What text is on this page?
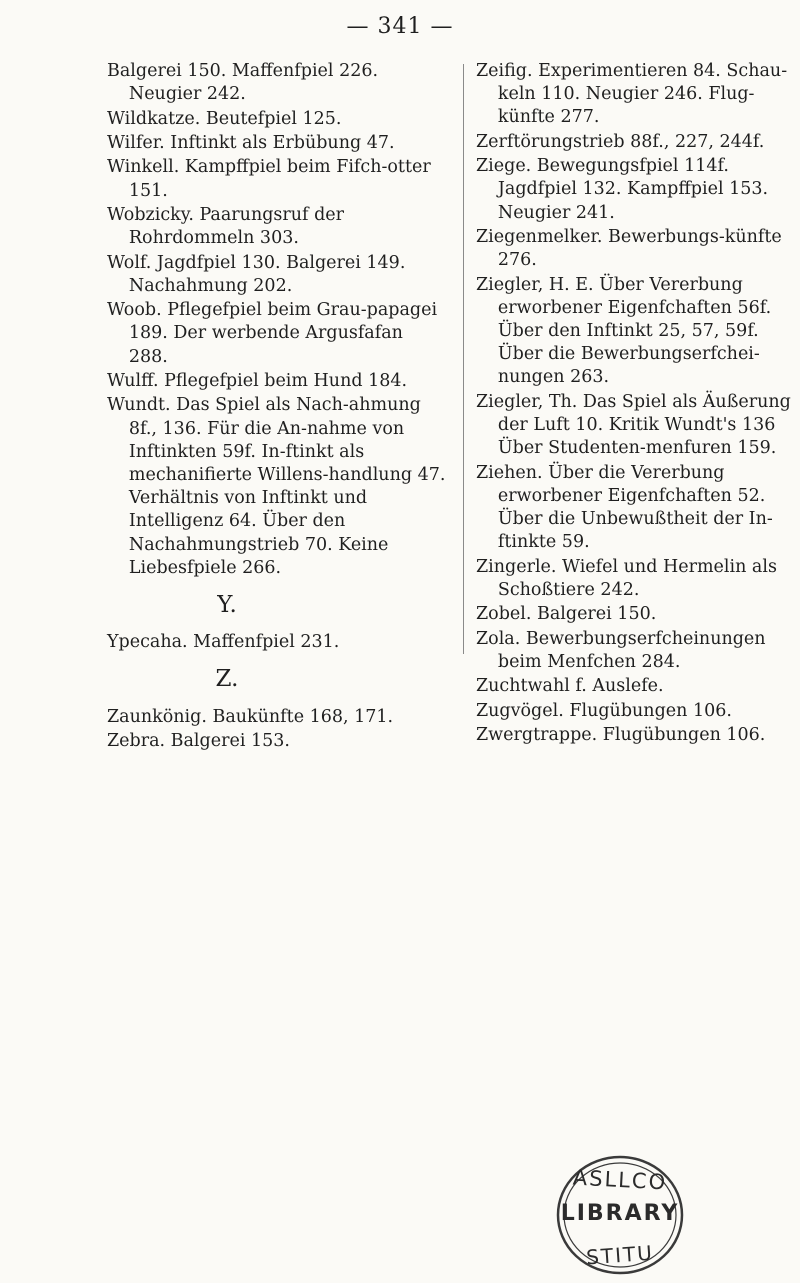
— 341 —

Balgerei 150. Maffenfpiel 226. Neugier 242.

Wildkatze. Beutefpiel 125.

Wilfer. Inftinkt als Erbübung 47.

Winkell. Kampffpiel beim Fifch-otter 151.

Wobzicky. Paarungsruf der Rohrdommeln 303.

Wolf. Jagdfpiel 130. Balgerei 149. Nachahmung 202.

Woob. Pflegefpiel beim Grau-papagei 189. Der werbende Argusfafan 288.

Wulff. Pflegefpiel beim Hund 184.

Wundt. Das Spiel als Nach-ahmung 8f., 136. Für die An-nahme von Inftinkten 59f. In-ftinkt als mechanifierte Willens-handlung 47. Verhältnis von Inftinkt und Intelligenz 64. Über den Nachahmungstrieb 70. Keine Liebesfpiele 266.

Y.

Ypecaha. Maffenfpiel 231.

Z.

Zaunkönig. Baukünfte 168, 171.

Zebra. Balgerei 153.

Zeifig. Experimentieren 84. Schau-keln 110. Neugier 246. Flug-künfte 277.

Zerftörungstrieb 88f., 227, 244f.

Ziege. Bewegungsfpiel 114f. Jagdfpiel 132. Kampffpiel 153. Neugier 241.

Ziegenmelker. Bewerbungs-künfte 276.

Ziegler, H. E. Über Vererbung erworbener Eigenfchaften 56f. Über den Inftinkt 25, 57, 59f. Über die Bewerbungserfchei-nungen 263.

Ziegler, Th. Das Spiel als Äußerung der Luft 10. Kritik Wundt's 136 Über Studenten-menfuren 159.

Ziehen. Über die Vererbung erworbener Eigenfchaften 52. Über die Unbewußtheit der In-ftinkte 59.

Zingerle. Wiefel und Hermelin als Schoßtiere 242.

Zobel. Balgerei 150.

Zola. Bewerbungserfcheinungen beim Menfchen 284.

Zuchtwahl f. Auslefe.

Zugvögel. Flugübungen 106.

Zwergtrappe. Flugübungen 106.

ASLLCO
LIBRARY
STITU
